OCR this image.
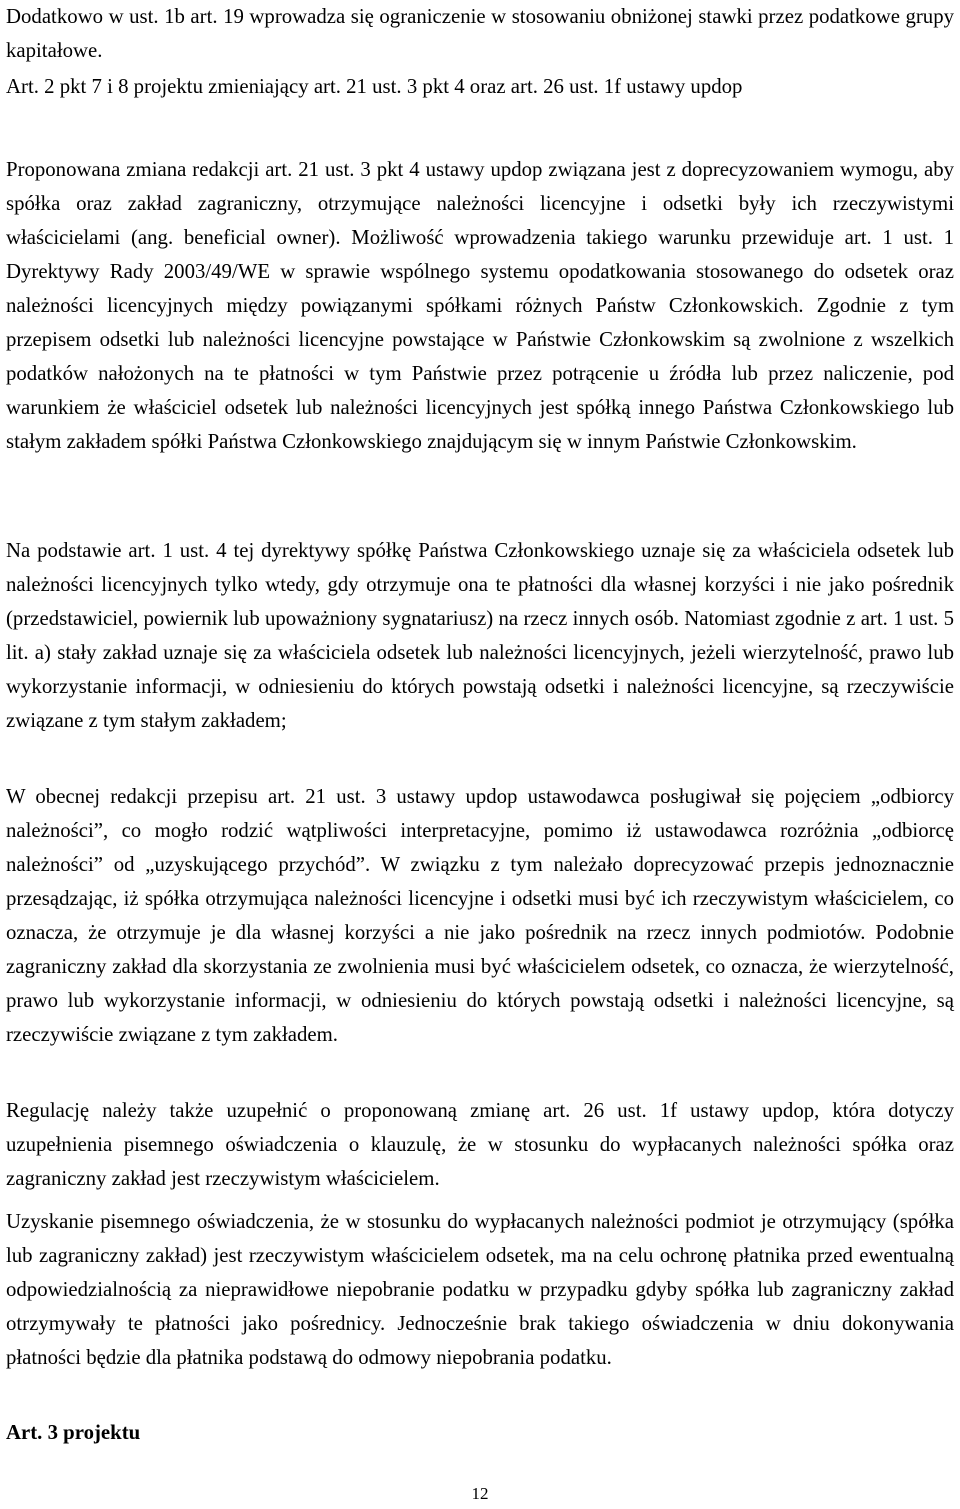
Dodatkowo w ust. 1b art. 19 wprowadza się ograniczenie w stosowaniu obniżonej stawki przez podatkowe grupy kapitałowe.

Art. 2 pkt 7 i 8 projektu zmieniający art. 21 ust. 3 pkt 4 oraz art. 26 ust. 1f ustawy updop

Proponowana zmiana redakcji art. 21 ust. 3 pkt 4 ustawy updop związana jest z doprecyzowaniem wymogu, aby spółka oraz zakład zagraniczny, otrzymujące należności licencyjne i odsetki były ich rzeczywistymi właścicielami (ang. beneficial owner). Możliwość wprowadzenia takiego warunku przewiduje art. 1 ust. 1 Dyrektywy Rady 2003/49/WE w sprawie wspólnego systemu opodatkowania stosowanego do odsetek oraz należności licencyjnych między powiązanymi spółkami różnych Państw Członkowskich. Zgodnie z tym przepisem odsetki lub należności licencyjne powstające w Państwie Członkowskim są zwolnione z wszelkich podatków nałożonych na te płatności w tym Państwie przez potrącenie u źródła lub przez naliczenie, pod warunkiem że właściciel odsetek lub należności licencyjnych jest spółką innego Państwa Członkowskiego lub stałym zakładem spółki Państwa Członkowskiego znajdującym się w innym Państwie Członkowskim.

Na podstawie art. 1 ust. 4 tej dyrektywy spółkę Państwa Członkowskiego uznaje się za właściciela odsetek lub należności licencyjnych tylko wtedy, gdy otrzymuje ona te płatności dla własnej korzyści i nie jako pośrednik (przedstawiciel, powiernik lub upoważniony sygnatariusz) na rzecz innych osób. Natomiast zgodnie z art. 1 ust. 5 lit. a) stały zakład uznaje się za właściciela odsetek lub należności licencyjnych, jeżeli wierzytelność, prawo lub wykorzystanie informacji, w odniesieniu do których powstają odsetki i należności licencyjne, są rzeczywiście związane z tym stałym zakładem;

W obecnej redakcji przepisu art. 21 ust. 3 ustawy updop ustawodawca posługiwał się pojęciem „odbiorcy należności”, co mogło rodzić wątpliwości interpretacyjne, pomimo iż ustawodawca rozróżnia „odbiorcę należności” od „uzyskującego przychód”. W związku z tym należało doprecyzować przepis jednoznacznie przesądzając, iż spółka otrzymująca należności licencyjne i odsetki musi być ich rzeczywistym właścicielem, co oznacza, że otrzymuje je dla własnej korzyści a nie jako pośrednik na rzecz innych podmiotów. Podobnie zagraniczny zakład dla skorzystania ze zwolnienia musi być właścicielem odsetek, co oznacza, że wierzytelność, prawo lub wykorzystanie informacji, w odniesieniu do których powstają odsetki i należności licencyjne, są rzeczywiście związane z tym zakładem.

Regulację należy także uzupełnić o proponowaną zmianę art. 26 ust. 1f ustawy updop, która dotyczy uzupełnienia pisemnego oświadczenia o klauzulę, że w stosunku do wypłacanych należności spółka oraz zagraniczny zakład jest rzeczywistym właścicielem.

Uzyskanie pisemnego oświadczenia, że w stosunku do wypłacanych należności podmiot je otrzymujący (spółka lub zagraniczny zakład) jest rzeczywistym właścicielem odsetek, ma na celu ochronę płatnika przed ewentualną odpowiedzialnością za nieprawidłowe niepobranie podatku w przypadku gdyby spółka lub zagraniczny zakład otrzymywały te płatności jako pośrednicy. Jednocześnie brak takiego oświadczenia w dniu dokonywania płatności będzie dla płatnika podstawą do odmowy niepobrania podatku.

Art. 3 projektu

12
